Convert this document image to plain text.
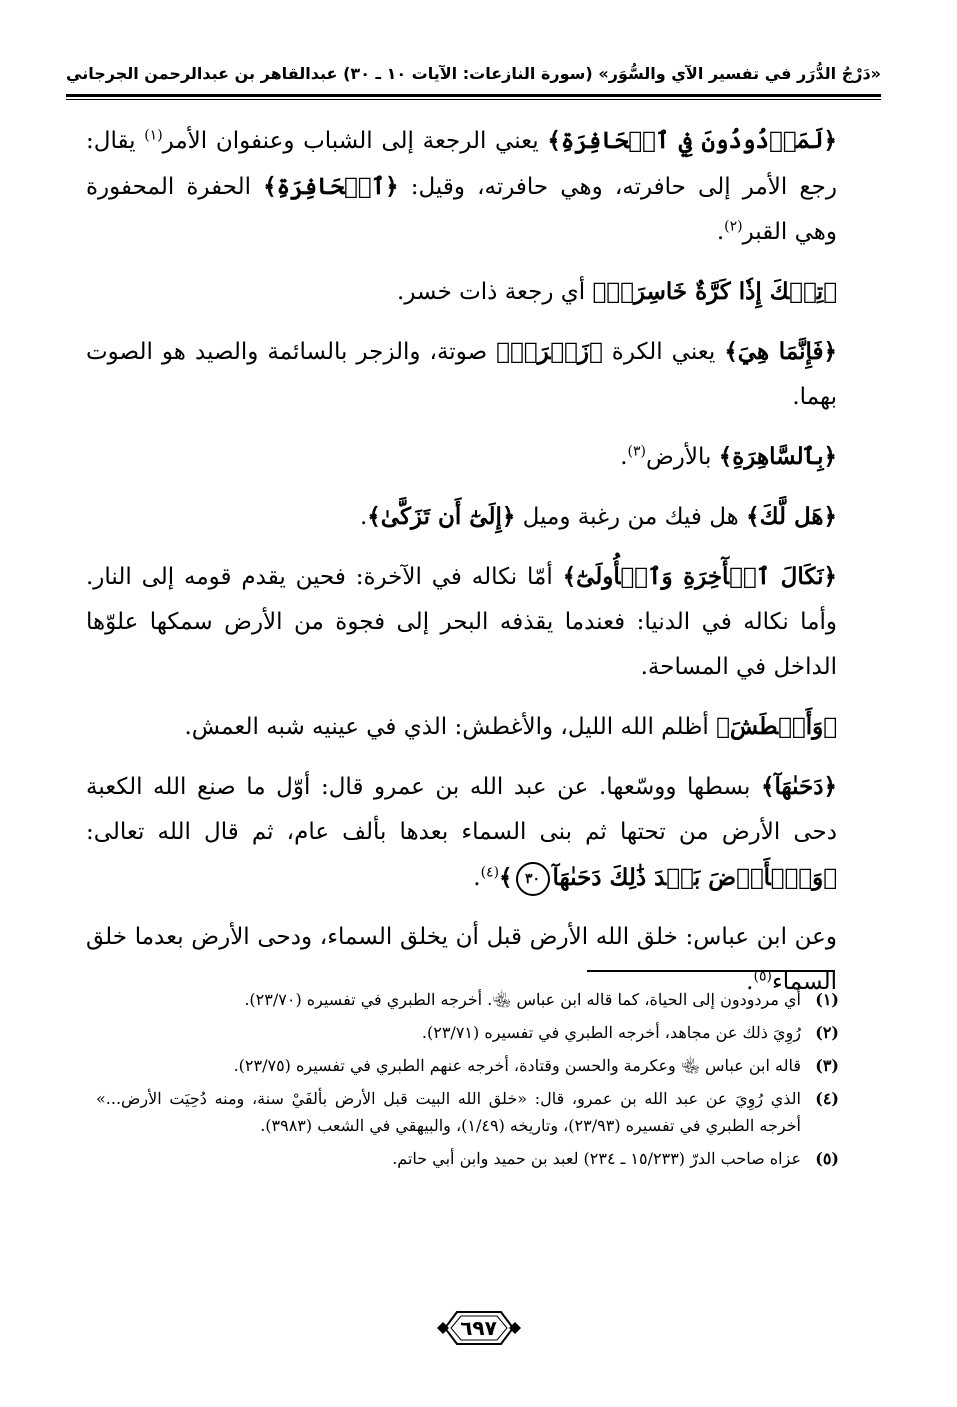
«دَرْجُ الدُّرَر في تفسير الآي والسُّوَر»
(سورة النازعات: الآيات ١٠ ـ ٣٠)
عبدالقاهر بن عبدالرحمن الجرجاني

﴿لَمَرۡدُودُونَ فِي ٱلۡحَافِرَةِ﴾ يعني الرجعة إلى الشباب وعنفوان الأمر$^{(١)}$ يقال: رجع الأمر إلى حافرته، وهي حافرته، وقيل: ﴿ٱلۡحَافِرَةِ﴾ الحفرة المحفورة وهي القبر$^{(٢)}$.

﴿تِلۡكَ إِذٗا كَرَّةٌ خَاسِرَةٞ﴾ أي رجعة ذات خسر.

﴿فَإِنَّمَا هِيَ﴾ يعني الكرة ﴿زَجۡرَةٞ﴾ صوتة، والزجر بالسائمة والصيد هو الصوت بهما.

﴿بِٱلسَّاهِرَةِ﴾ بالأرض$^{(٣)}$.

﴿هَل لَّكَ﴾ هل فيك من رغبة وميل ﴿إِلَىٰٓ أَن تَزَكَّىٰ﴾.

﴿نَكَالَ ٱلۡأٓخِرَةِ وَٱلۡأُولَىٰٓ﴾ أمّا نكاله في الآخرة: فحين يقدم قومه إلى النار. وأما نكاله في الدنيا: فعندما يقذفه البحر إلى فجوة من الأرض سمكها علوّها الداخل في المساحة.

﴿وَأَغۡطَشَ﴾ أظلم الله الليل، والأغطش: الذي في عينيه شبه العمش.

﴿دَحَىٰهَآ﴾ بسطها ووسّعها. عن عبد الله بن عمرو قال: أوّل ما صنع الله الكعبة دحى الأرض من تحتها ثم بنى السماء بعدها بألف عام، ثم قال الله تعالى: ﴿وَٱلۡأَرۡضَ بَعۡدَ ذَٰلِكَ دَحَىٰهَآ٣٠﴾$^{(٤)}$.

وعن ابن عباس: خلق الله الأرض قبل أن يخلق السماء، ودحى الأرض بعدما خلق السماء$^{(٥)}$.

(١)
أي مردودون إلى الحياة، كما قاله ابن عباس ﵄. أخرجه الطبري في تفسيره (٢٣/٧٠).
(٢)
رُوِيَ ذلك عن مجاهد، أخرجه الطبري في تفسيره (٢٣/٧١).
(٣)
قاله ابن عباس ﵄ وعكرمة والحسن وقتادة، أخرجه عنهم الطبري في تفسيره (٢٣/٧٥).
(٤)
الذي رُوِيَ عن عبد الله بن عمرو، قال: «خلق الله البيت قبل الأرض بألفَيْ سنة، ومنه دُحِيَت الأرض...» أخرجه الطبري في تفسيره (٢٣/٩٣)، وتاريخه (١/٤٩)، والبيهقي في الشعب (٣٩٨٣).
(٥)
عزاه صاحب الدرّ (١٥/٢٣٣ ـ ٢٣٤) لعبد بن حميد وابن أبي حاتم.
٦٩٧
